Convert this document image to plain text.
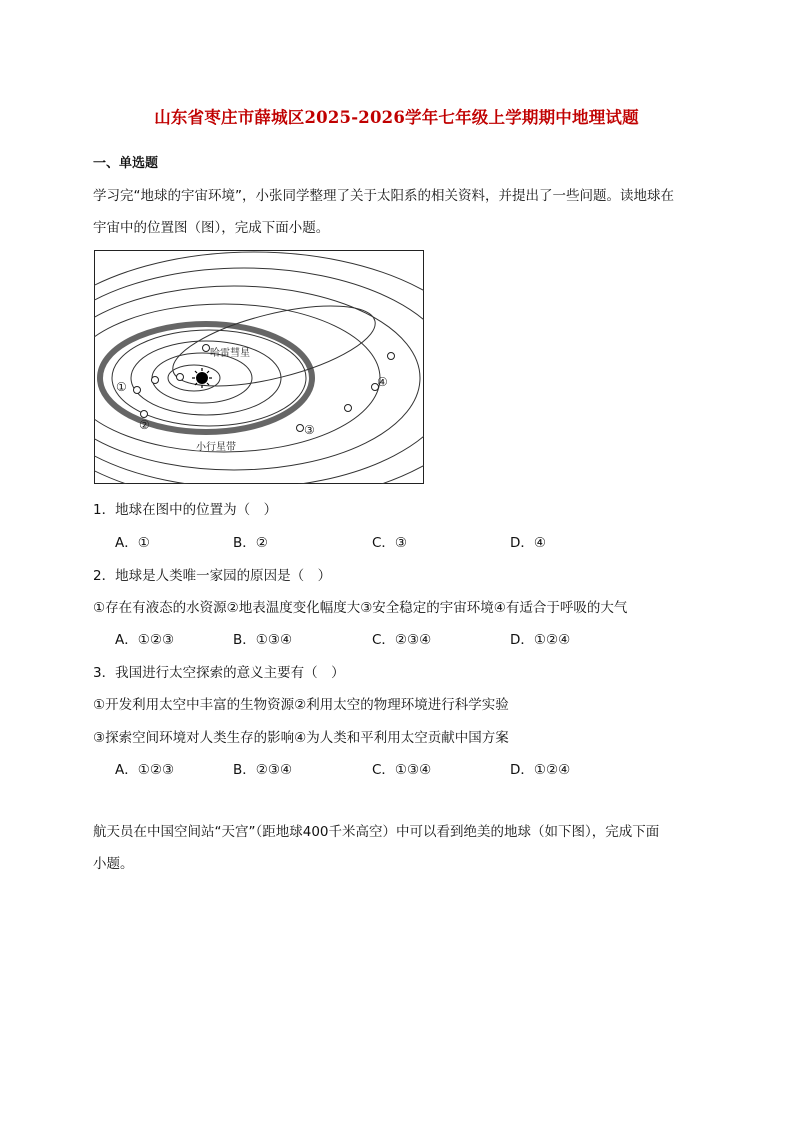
山东省枣庄市薛城区2025-2026学年七年级上学期期中地理试题
一、单选题
学习完“地球的宇宙环境”，小张同学整理了关于太阳系的相关资料，并提出了一些问题。读地球在
宇宙中的位置图（图），完成下面小题。
哈雷彗星
小行星带
①
②	③
④
1．地球在图中的位置为（　）
A．①	B．②	C．③	D．④
2．地球是人类唯一家园的原因是（　）
①存在有液态的水资源②地表温度变化幅度大③安全稳定的宇宙环境④有适合于呼吸的大气
A．①②③	B．①③④	C．②③④	D．①②④
3．我国进行太空探索的意义主要有（　）
①开发利用太空中丰富的生物资源②利用太空的物理环境进行科学实验
③探索空间环境对人类生存的影响④为人类和平利用太空贡献中国方案
A．①②③	B．②③④	C．①③④	D．①②④
航天员在中国空间站“天宫”（距地球400千米高空）中可以看到绝美的地球（如下图），完成下面
小题。
